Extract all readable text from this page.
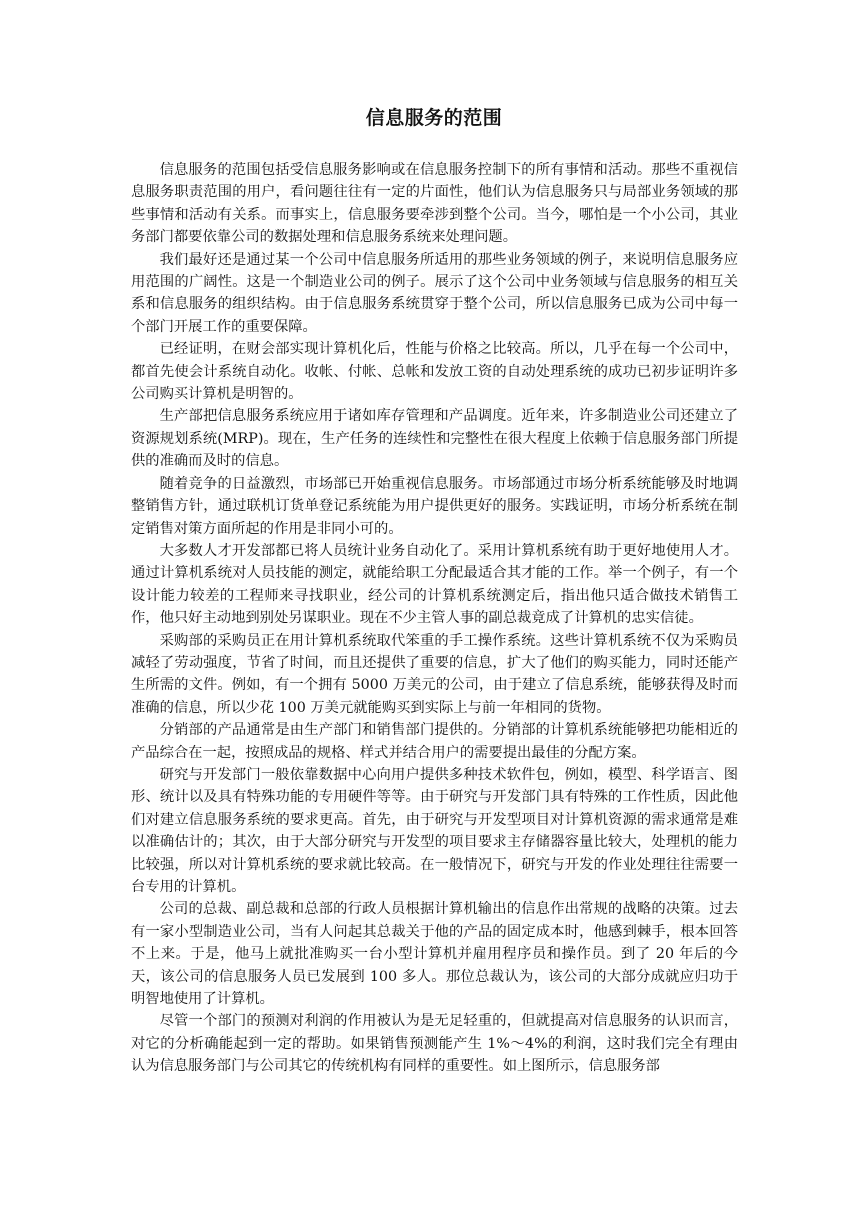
信息服务的范围

信息服务的范围包括受信息服务影响或在信息服务控制下的所有事情和活动。那些不重视信息服务职责范围的用户，看问题往往有一定的片面性，他们认为信息服务只与局部业务领域的那些事情和活动有关系。而事实上，信息服务要牵涉到整个公司。当今，哪怕是一个小公司，其业务部门都要依靠公司的数据处理和信息服务系统来处理问题。

我们最好还是通过某一个公司中信息服务所适用的那些业务领域的例子，来说明信息服务应用范围的广阔性。这是一个制造业公司的例子。展示了这个公司中业务领域与信息服务的相互关系和信息服务的组织结构。由于信息服务系统贯穿于整个公司，所以信息服务已成为公司中每一个部门开展工作的重要保障。

已经证明，在财会部实现计算机化后，性能与价格之比较高。所以，几乎在每一个公司中，都首先使会计系统自动化。收帐、付帐、总帐和发放工资的自动处理系统的成功已初步证明许多公司购买计算机是明智的。

生产部把信息服务系统应用于诸如库存管理和产品调度。近年来，许多制造业公司还建立了资源规划系统(MRP)。现在，生产任务的连续性和完整性在很大程度上依赖于信息服务部门所提供的准确而及时的信息。

随着竞争的日益激烈，市场部已开始重视信息服务。市场部通过市场分析系统能够及时地调整销售方针，通过联机订货单登记系统能为用户提供更好的服务。实践证明，市场分析系统在制定销售对策方面所起的作用是非同小可的。

大多数人才开发部都已将人员统计业务自动化了。采用计算机系统有助于更好地使用人才。通过计算机系统对人员技能的测定，就能给职工分配最适合其才能的工作。举一个例子，有一个设计能力较差的工程师来寻找职业，经公司的计算机系统测定后，指出他只适合做技术销售工作，他只好主动地到别处另谋职业。现在不少主管人事的副总裁竟成了计算机的忠实信徒。

采购部的采购员正在用计算机系统取代笨重的手工操作系统。这些计算机系统不仅为采购员减轻了劳动强度，节省了时间，而且还提供了重要的信息，扩大了他们的购买能力，同时还能产生所需的文件。例如，有一个拥有 5000 万美元的公司，由于建立了信息系统，能够获得及时而准确的信息，所以少花 100 万美元就能购买到实际上与前一年相同的货物。

分销部的产品通常是由生产部门和销售部门提供的。分销部的计算机系统能够把功能相近的产品综合在一起，按照成品的规格、样式并结合用户的需要提出最佳的分配方案。

研究与开发部门一般依靠数据中心向用户提供多种技术软件包，例如，模型、科学语言、图形、统计以及具有特殊功能的专用硬件等等。由于研究与开发部门具有特殊的工作性质，因此他们对建立信息服务系统的要求更高。首先，由于研究与开发型项目对计算机资源的需求通常是难以准确估计的；其次，由于大部分研究与开发型的项目要求主存储器容量比较大，处理机的能力比较强，所以对计算机系统的要求就比较高。在一般情况下，研究与开发的作业处理往往需要一台专用的计算机。

公司的总裁、副总裁和总部的行政人员根据计算机输出的信息作出常规的战略的决策。过去有一家小型制造业公司，当有人问起其总裁关于他的产品的固定成本时，他感到棘手，根本回答不上来。于是，他马上就批准购买一台小型计算机并雇用程序员和操作员。到了 20 年后的今天，该公司的信息服务人员已发展到 100 多人。那位总裁认为，该公司的大部分成就应归功于明智地使用了计算机。

尽管一个部门的预测对利润的作用被认为是无足轻重的，但就提高对信息服务的认识而言，对它的分析确能起到一定的帮助。如果销售预测能产生 1%～4%的利润，这时我们完全有理由认为信息服务部门与公司其它的传统机构有同样的重要性。如上图所示，信息服务部
